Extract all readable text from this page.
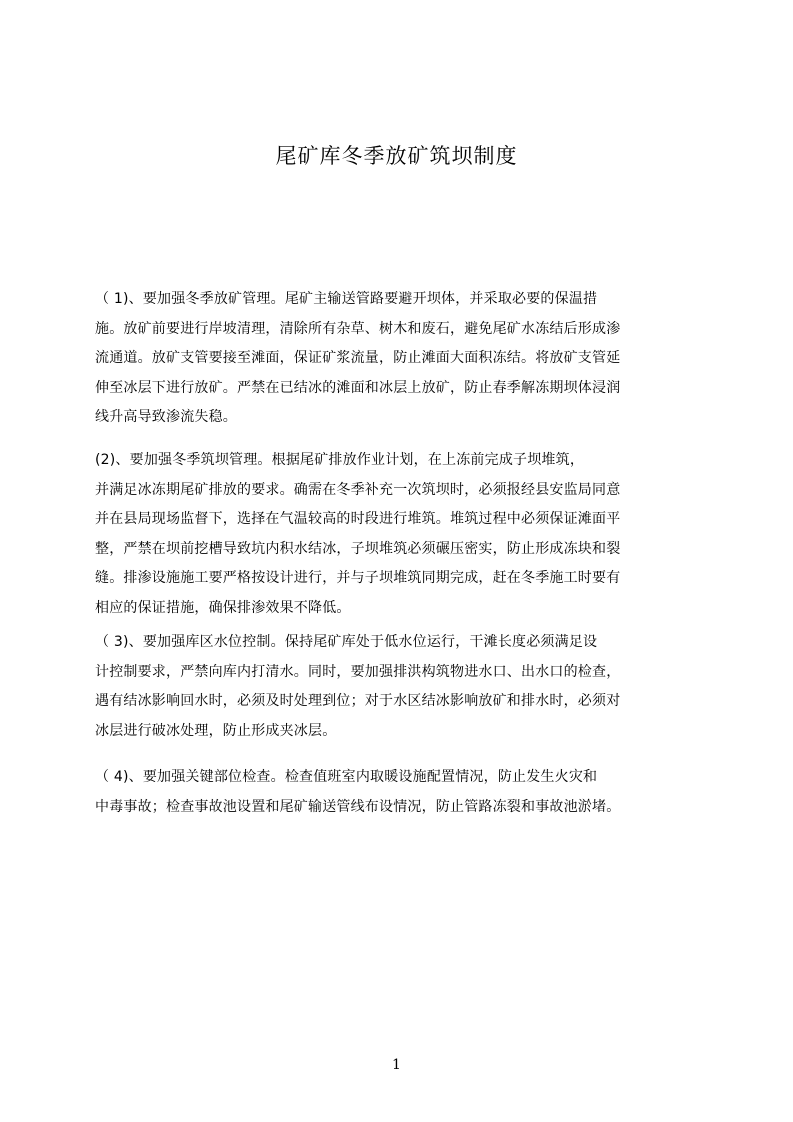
尾矿库冬季放矿筑坝制度
（ 1)、要加强冬季放矿管理。尾矿主输送管路要避开坝体，并采取必要的保温措
施。放矿前要进行岸坡清理，清除所有杂草、树木和废石，避免尾矿水冻结后形成渗
流通道。放矿支管要接至滩面，保证矿浆流量，防止滩面大面积冻结。将放矿支管延
伸至冰层下进行放矿。严禁在已结冰的滩面和冰层上放矿，防止春季解冻期坝体浸润
线升高导致渗流失稳。
(2)、要加强冬季筑坝管理。根据尾矿排放作业计划，在上冻前完成子坝堆筑，
并满足冰冻期尾矿排放的要求。确需在冬季补充一次筑坝时，必须报经县安监局同意
并在县局现场监督下，选择在气温较高的时段进行堆筑。堆筑过程中必须保证滩面平
整，严禁在坝前挖槽导致坑内积水结冰，子坝堆筑必须碾压密实，防止形成冻块和裂
缝。排渗设施施工要严格按设计进行，并与子坝堆筑同期完成，赶在冬季施工时要有
相应的保证措施，确保排渗效果不降低。
（ 3)、要加强库区水位控制。保持尾矿库处于低水位运行，干滩长度必须满足设
计控制要求，严禁向库内打清水。同时，要加强排洪构筑物进水口、出水口的检查，
遇有结冰影响回水时，必须及时处理到位；对于水区结冰影响放矿和排水时，必须对
冰层进行破冰处理，防止形成夹冰层。
（ 4)、要加强关键部位检查。检查值班室内取暖设施配置情况，防止发生火灾和
中毒事故；检查事故池设置和尾矿输送管线布设情况，防止管路冻裂和事故池淤堵。
1
